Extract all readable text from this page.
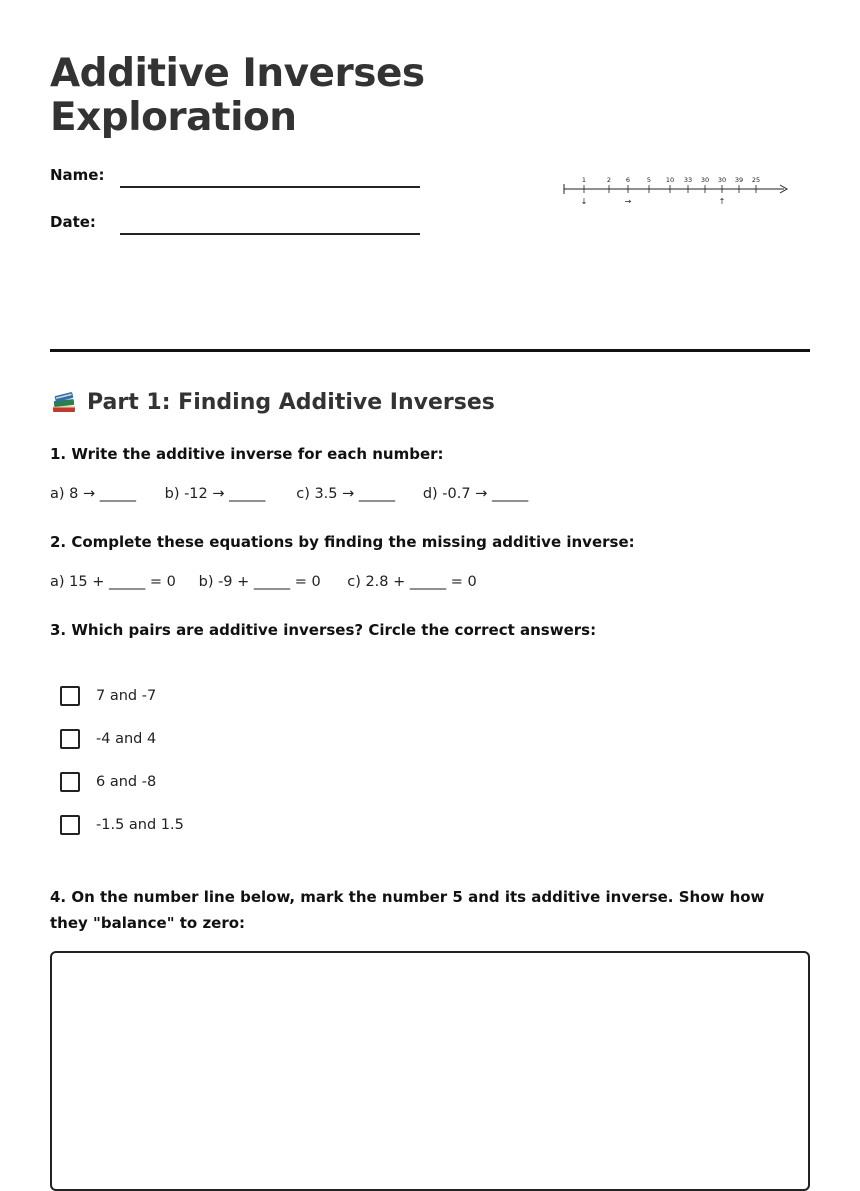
Additive Inverses Exploration
Name:
Date:
1	2 6	5 10 33 30 30 39 25
↓	→	↑
Part 1: Finding Additive Inverses
1. Write the additive inverse for each number:
a) 8 → _____ b) -12 → _____ c) 3.5 → _____ d) -0.7 → _____
2. Complete these equations by finding the missing additive inverse:
a) 15 + _____ = 0 b) -9 + _____ = 0 c) 2.8 + _____ = 0
3. Which pairs are additive inverses? Circle the correct answers:
7 and -7
-4 and 4
6 and -8
-1.5 and 1.5
4. On the number line below, mark the number 5 and its additive inverse. Show how they "balance" to zero:
